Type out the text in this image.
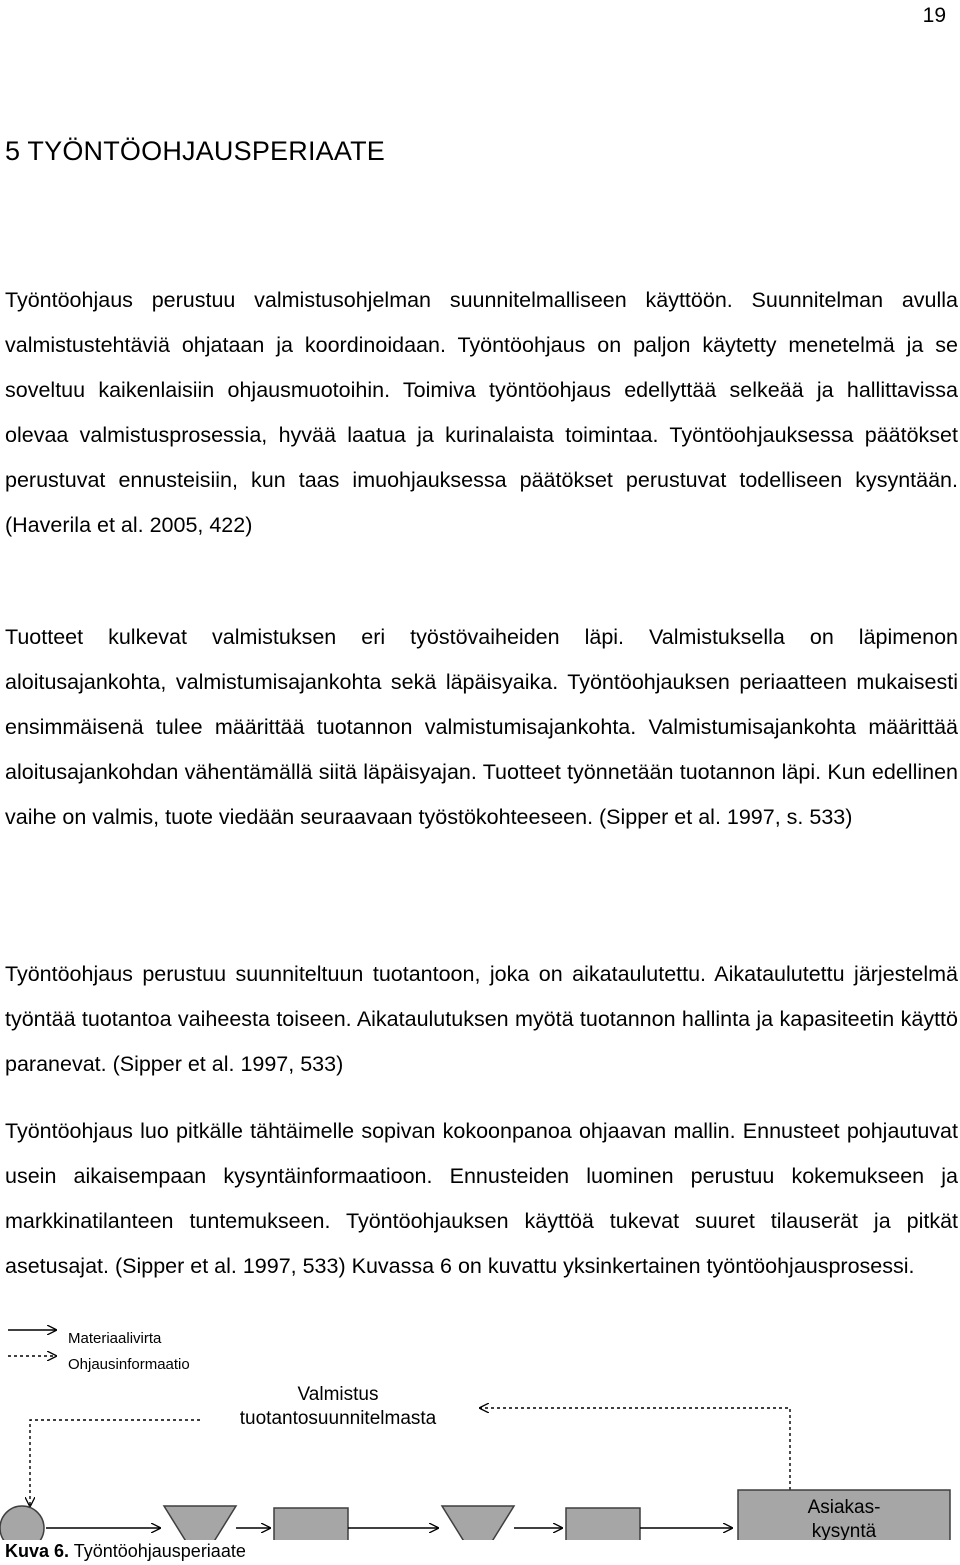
19
5 TYÖNTÖOHJAUSPERIAATE

Työntöohjaus perustuu valmistusohjelman suunnitelmalliseen käyttöön. Suunnitelman avulla valmistustehtäviä ohjataan ja koordinoidaan. Työntöohjaus on paljon käytetty menetelmä ja se soveltuu kaikenlaisiin ohjausmuotoihin. Toimiva työntöohjaus edellyttää selkeää ja hallittavissa olevaa valmistusprosessia, hyvää laatua ja kurinalaista toimintaa. Työntöohjauksessa päätökset perustuvat ennusteisiin, kun taas imuohjauksessa päätökset perustuvat todelliseen kysyntään. (Haverila et al. 2005, 422)

Tuotteet kulkevat valmistuksen eri työstövaiheiden läpi. Valmistuksella on läpimenon aloitusajankohta, valmistumisajankohta sekä läpäisyaika. Työntöohjauksen periaatteen mukaisesti ensimmäisenä tulee määrittää tuotannon valmistumisajankohta. Valmistumisajankohta määrittää aloitusajankohdan vähentämällä siitä läpäisyajan. Tuotteet työnnetään tuotannon läpi. Kun edellinen vaihe on valmis, tuote viedään seuraavaan työstökohteeseen. (Sipper et al. 1997, s. 533)

Työntöohjaus perustuu suunniteltuun tuotantoon, joka on aikataulutettu. Aikataulutettu järjestelmä työntää tuotantoa vaiheesta toiseen. Aikataulutuksen myötä tuotannon hallinta ja kapasiteetin käyttö paranevat. (Sipper et al. 1997, 533)

Työntöohjaus luo pitkälle tähtäimelle sopivan kokoonpanoa ohjaavan mallin. Ennusteet pohjautuvat usein aikaisempaan kysyntäinformaatioon. Ennusteiden luominen perustuu kokemukseen ja markkinatilanteen tuntemukseen. Työntöohjauksen käyttöä tukevat suuret tilauserät ja pitkät asetusajat. (Sipper et al. 1997, 533) Kuvassa 6 on kuvattu yksinkertainen työntöohjausprosessi.

Materiaalivirta
Ohjausinformaatio
Valmistus
tuotantosuunnitelmasta
Asiakas-
kysyntä
Kuva 6. Työntöohjausperiaate
